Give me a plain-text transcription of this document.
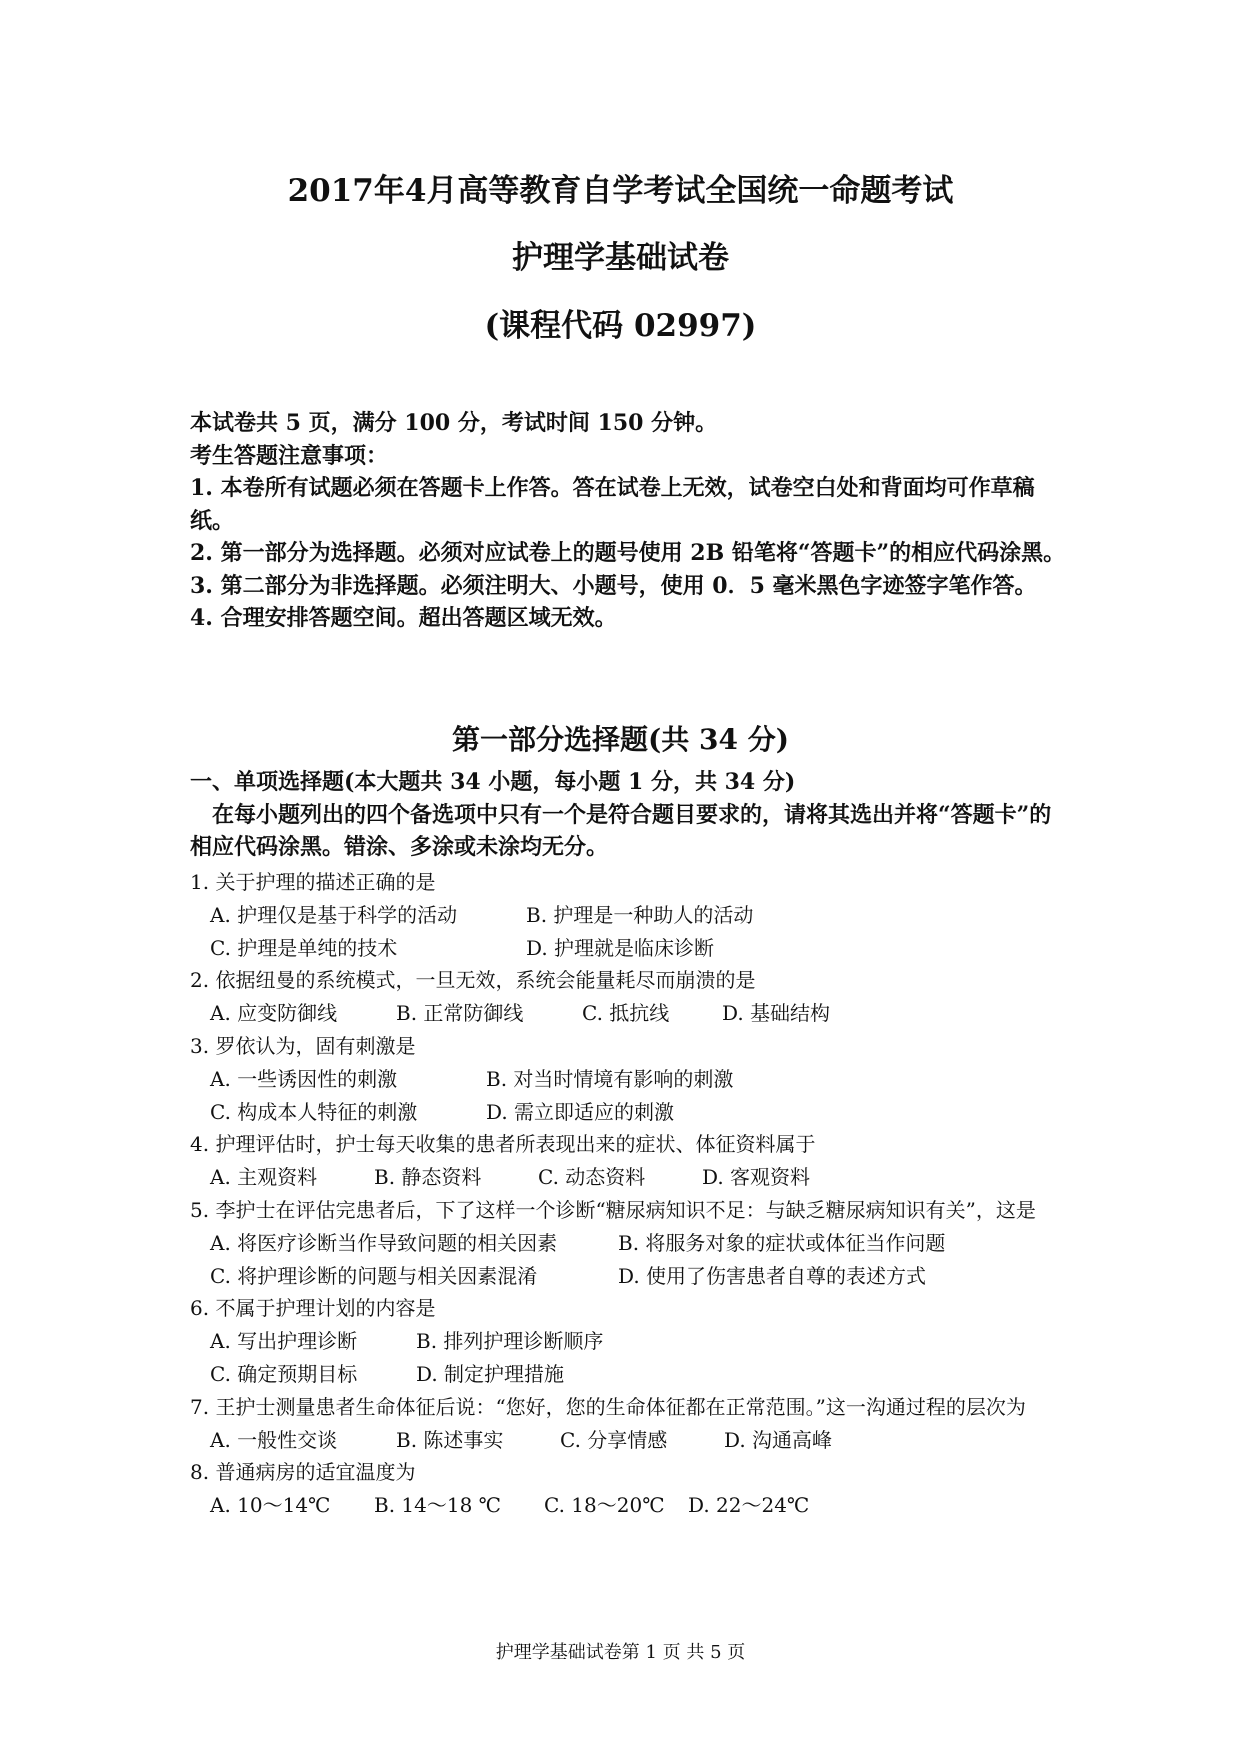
2017年4月高等教育自学考试全国统一命题考试
护理学基础试卷
(课程代码 02997)
本试卷共 5 页，满分 100 分，考试时间 150 分钟。
考生答题注意事项：
1. 本卷所有试题必须在答题卡上作答。答在试卷上无效，试卷空白处和背面均可作草稿纸。
2. 第一部分为选择题。必须对应试卷上的题号使用 2B 铅笔将“答题卡”的相应代码涂黑。
3. 第二部分为非选择题。必须注明大、小题号，使用 0．5 毫米黑色字迹签字笔作答。
4. 合理安排答题空间。超出答题区域无效。
第一部分选择题(共 34 分)
一、单项选择题(本大题共 34 小题，每小题 1 分，共 34 分)
在每小题列出的四个备选项中只有一个是符合题目要求的，请将其选出并将“答题卡”的相应代码涂黑。错涂、多涂或未涂均无分。
1. 关于护理的描述正确的是
A. 护理仅是基于科学的活动	B. 护理是一种助人的活动
C. 护理是单纯的技术	D. 护理就是临床诊断
2. 依据纽曼的系统模式，一旦无效，系统会能量耗尽而崩溃的是
A. 应变防御线	B. 正常防御线	C. 抵抗线	D. 基础结构
3. 罗依认为，固有刺激是
A. 一些诱因性的刺激	B. 对当时情境有影响的刺激
C. 构成本人特征的刺激	D. 需立即适应的刺激
4. 护理评估时，护士每天收集的患者所表现出来的症状、体征资料属于
A. 主观资料	B. 静态资料	C. 动态资料	D. 客观资料
5. 李护士在评估完患者后，下了这样一个诊断“糖尿病知识不足：与缺乏糖尿病知识有关”，这是
A. 将医疗诊断当作导致问题的相关因素	B. 将服务对象的症状或体征当作问题
C. 将护理诊断的问题与相关因素混淆	D. 使用了伤害患者自尊的表述方式
6. 不属于护理计划的内容是
A. 写出护理诊断	B. 排列护理诊断顺序
C. 确定预期目标	D. 制定护理措施
7. 王护士测量患者生命体征后说：“您好，您的生命体征都在正常范围。”这一沟通过程的层次为
A. 一般性交谈	B. 陈述事实	C. 分享情感	D. 沟通高峰
8. 普通病房的适宜温度为
A. 10～14℃ B. 14～18 ℃ C. 18～20℃ D. 22～24℃
护理学基础试卷第 1 页 共 5 页
